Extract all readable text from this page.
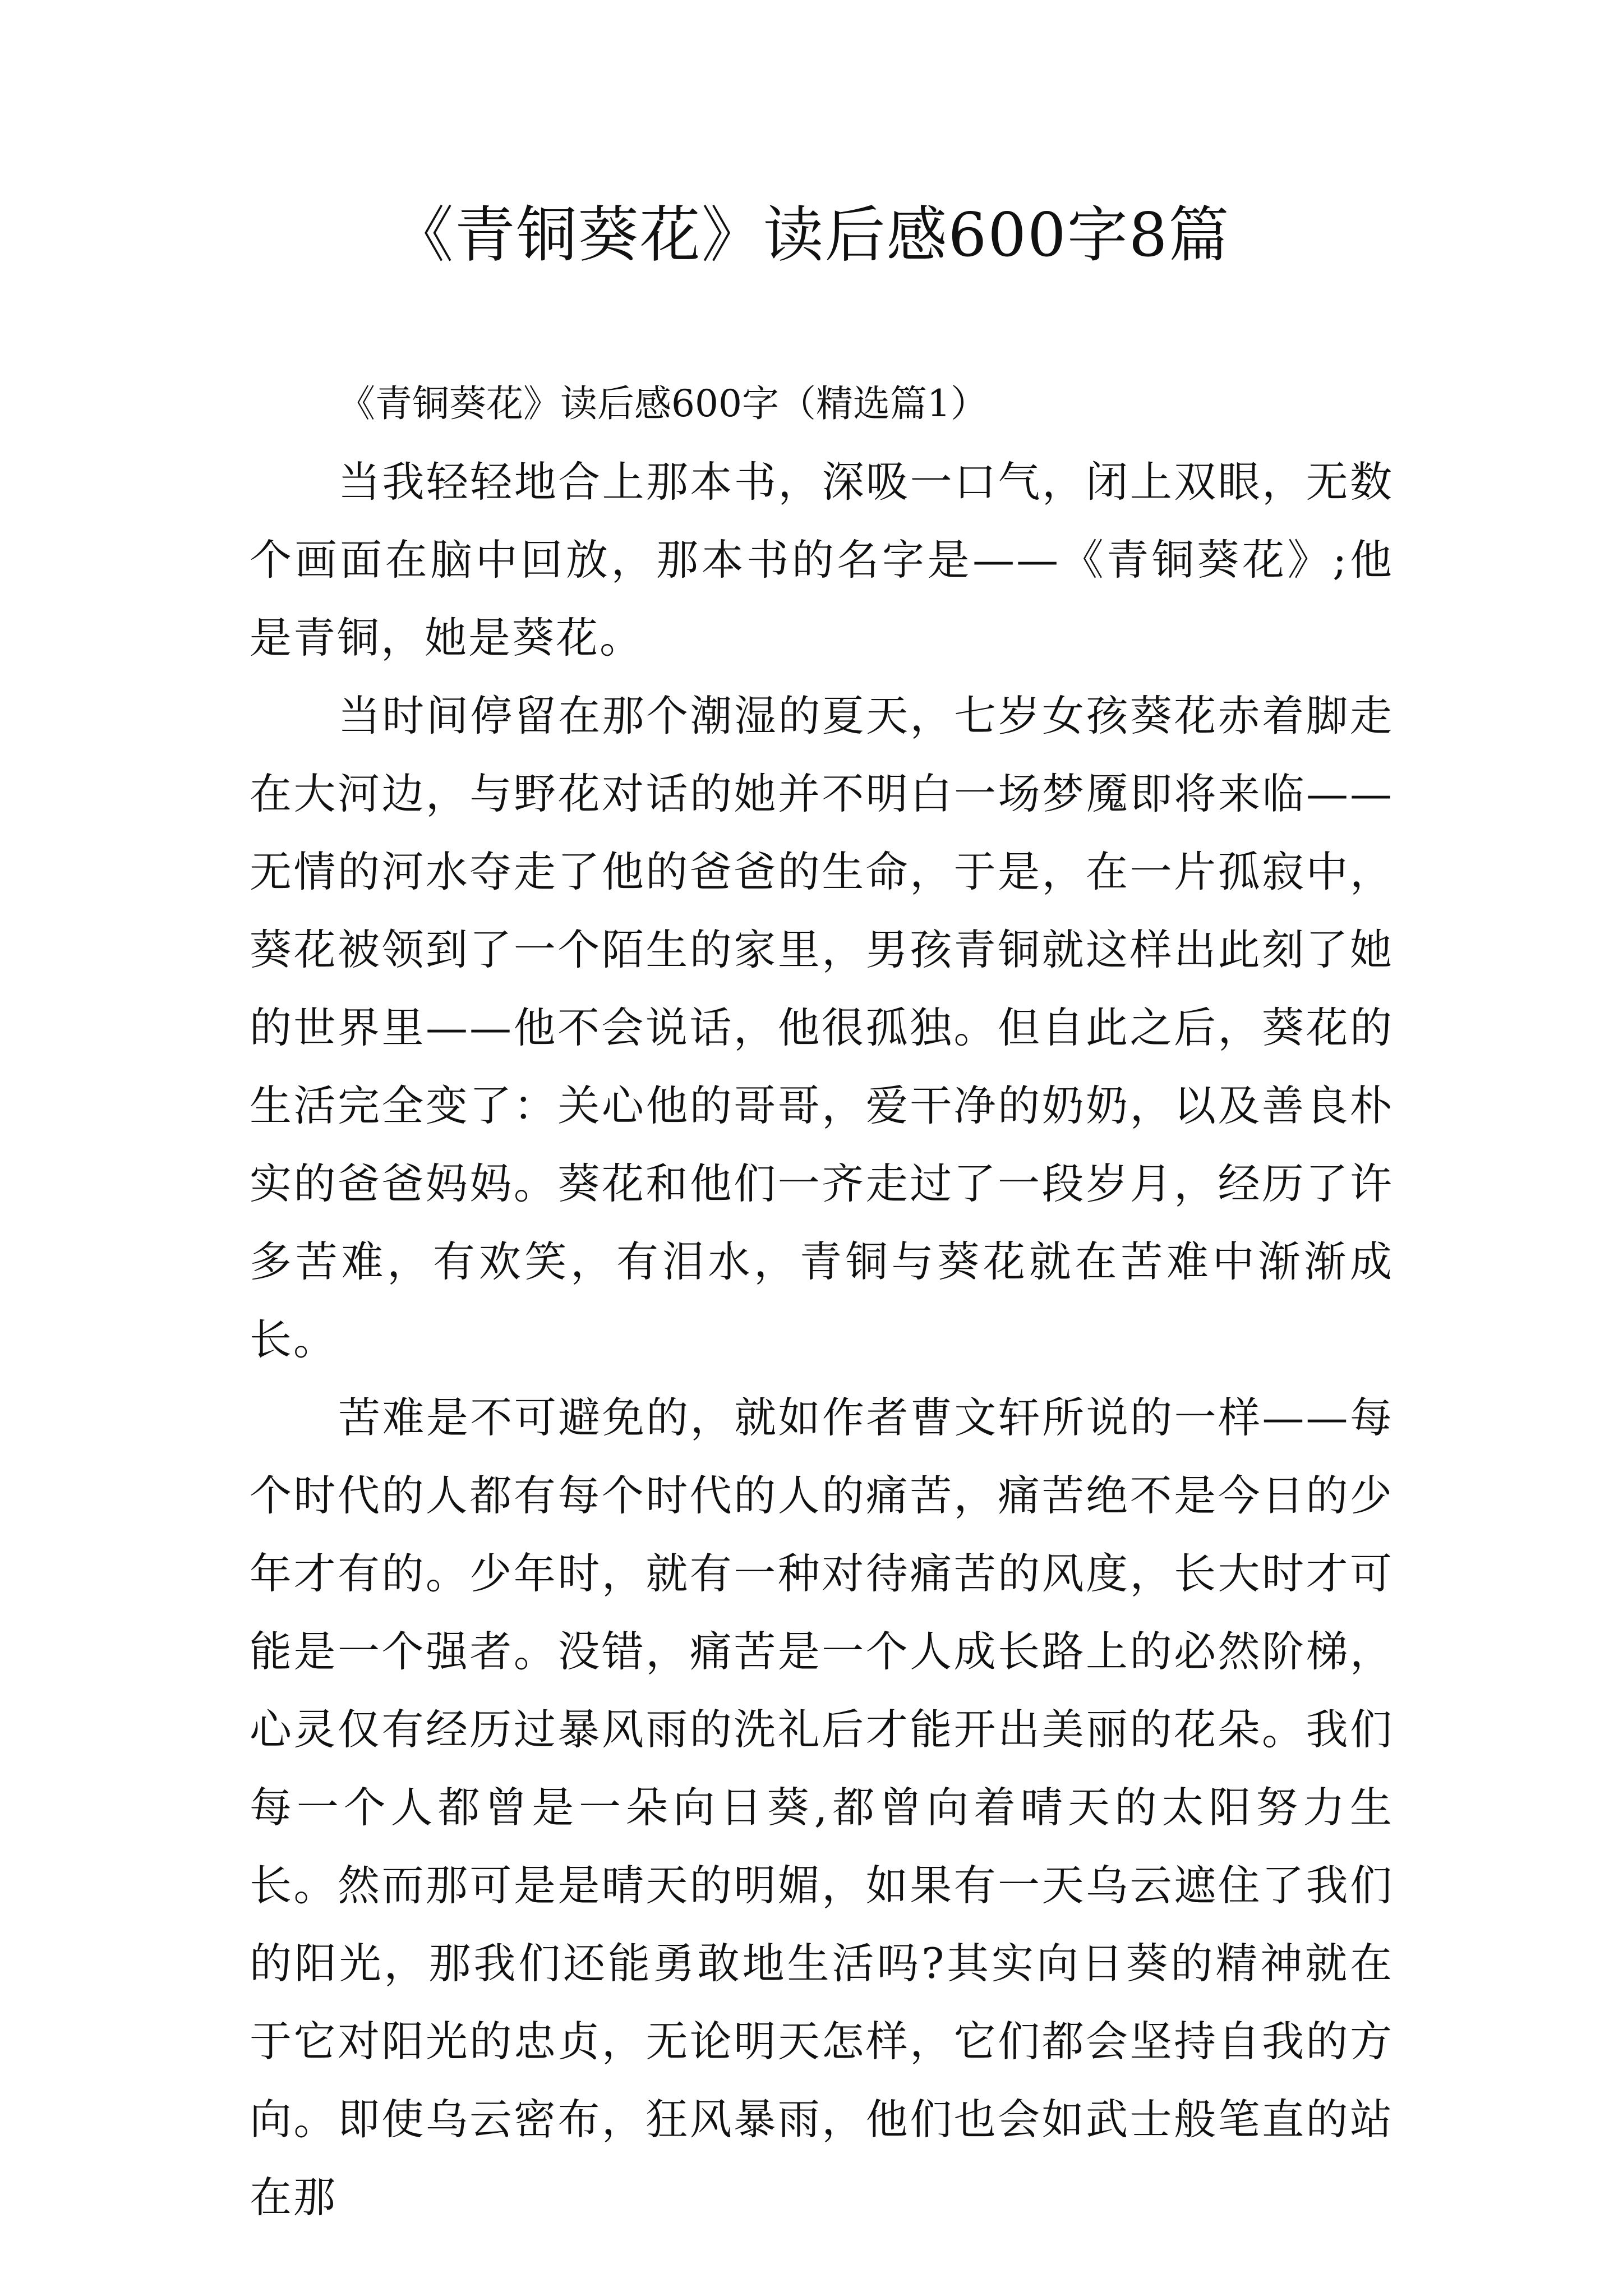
《青铜葵花》读后感600字8篇

《青铜葵花》读后感600字（精选篇1）

当我轻轻地合上那本书，深吸一口气，闭上双眼，无数个画面在脑中回放，那本书的名字是——《青铜葵花》;他是青铜，她是葵花。

当时间停留在那个潮湿的夏天，七岁女孩葵花赤着脚走在大河边，与野花对话的她并不明白一场梦魇即将来临——无情的河水夺走了他的爸爸的生命，于是，在一片孤寂中，葵花被领到了一个陌生的家里，男孩青铜就这样出此刻了她的世界里——他不会说话，他很孤独。但自此之后，葵花的生活完全变了：关心他的哥哥，爱干净的奶奶，以及善良朴实的爸爸妈妈。葵花和他们一齐走过了一段岁月，经历了许多苦难，有欢笑，有泪水，青铜与葵花就在苦难中渐渐成长。

苦难是不可避免的，就如作者曹文轩所说的一样——每个时代的人都有每个时代的人的痛苦，痛苦绝不是今日的少年才有的。少年时，就有一种对待痛苦的风度，长大时才可能是一个强者。没错，痛苦是一个人成长路上的必然阶梯，心灵仅有经历过暴风雨的洗礼后才能开出美丽的花朵。我们每一个人都曾是一朵向日葵,都曾向着晴天的太阳努力生长。然而那可是是晴天的明媚，如果有一天乌云遮住了我们的阳光，那我们还能勇敢地生活吗?其实向日葵的精神就在于它对阳光的忠贞，无论明天怎样，它们都会坚持自我的方向。即使乌云密布，狂风暴雨，他们也会如武士般笔直的站在那
